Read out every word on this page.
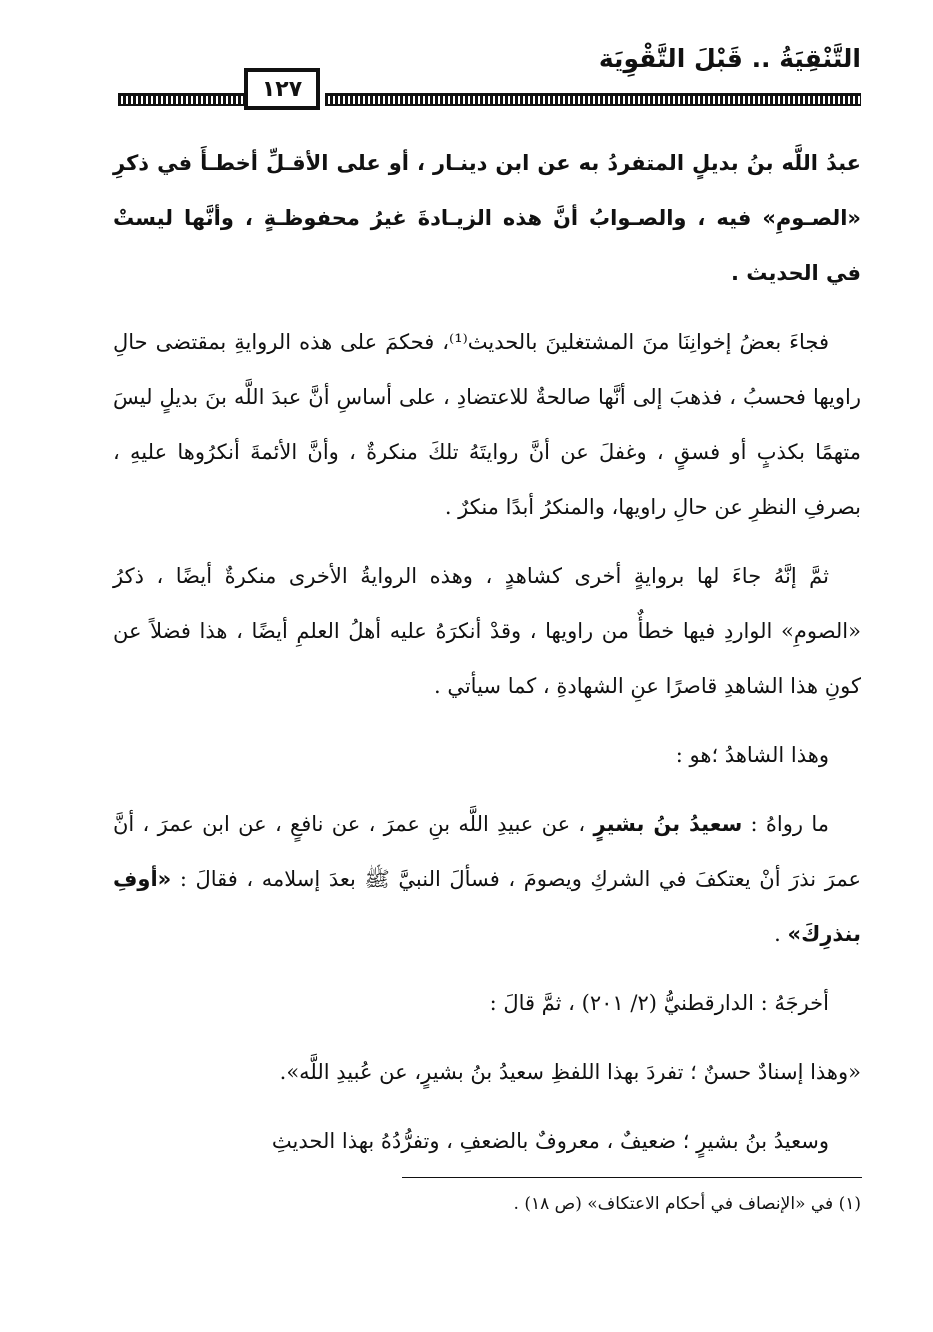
التَّنْقِيَةُ .. قَبْلَ التَّقْوِيَة
١٢٧

عبدُ اللَّه بنُ بديلٍ المتفردُ به عن ابن دينـار ، أو على الأقـلِّ أخطـأَ في ذكرِ «الصـومِ» فيه ، والصـوابُ أنَّ هذه الزيـادةَ غيرُ محفوظـةٍ ، وأنَّها ليستْ في الحديث .

فجاءَ بعضُ إخوانِنَا منَ المشتغلينَ بالحديث⁽¹⁾، فحكمَ على هذه الروايةِ بمقتضى حالِ راويها فحسبُ ، فذهبَ إلى أنَّها صالحةٌ للاعتضادِ ، على أساسِ أنَّ عبدَ اللَّه بنَ بديلٍ ليسَ متهمًا بكذبٍ أو فسقٍ ، وغفلَ عن أنَّ روايتَهُ تلكَ منكرةٌ ، وأنَّ الأئمةَ أنكرُوها عليهِ ، بصرفِ النظرِ عن حالِ راويها، والمنكرُ أبدًا منكرٌ .

ثمَّ إنَّهُ جاءَ لها بروايةٍ أخرى كشاهدٍ ، وهذه الروايةُ الأخرى منكرةٌ أيضًا ، ذكرُ «الصومِ» الواردِ فيها خطأٌ من راويها ، وقدْ أنكرَهُ عليه أهلُ العلمِ أيضًا ، هذا فضلاً عن كونِ هذا الشاهدِ قاصرًا عنِ الشهادةِ ، كما سيأتي .

وهذا الشاهدُ ؛هو :

ما رواهُ : سعيدُ بنُ بشيرٍ ، عن عبيدِ اللَّه بنِ عمرَ ، عن نافعٍ ، عن ابن عمرَ ، أنَّ عمرَ نذرَ أنْ يعتكفَ في الشركِ ويصومَ ، فسألَ النبيَّ ﷺ بعدَ إسلامه ، فقالَ : «أوفِ بنذرِكَ» .

أخرجَهُ : الدارقطنيُّ (٢/ ٢٠١) ، ثمَّ قالَ :

«وهذا إسنادٌ حسنٌ ؛ تفردَ بهذا اللفظِ سعيدُ بنُ بشيرٍ، عن عُبيدِ اللَّه».

وسعيدُ بنُ بشيرٍ ؛ ضعيفٌ ، معروفٌ بالضعفِ ، وتفرُّدُهُ بهذا الحديثِ

(١) في «الإنصاف في أحكام الاعتكاف» (ص ١٨) .
